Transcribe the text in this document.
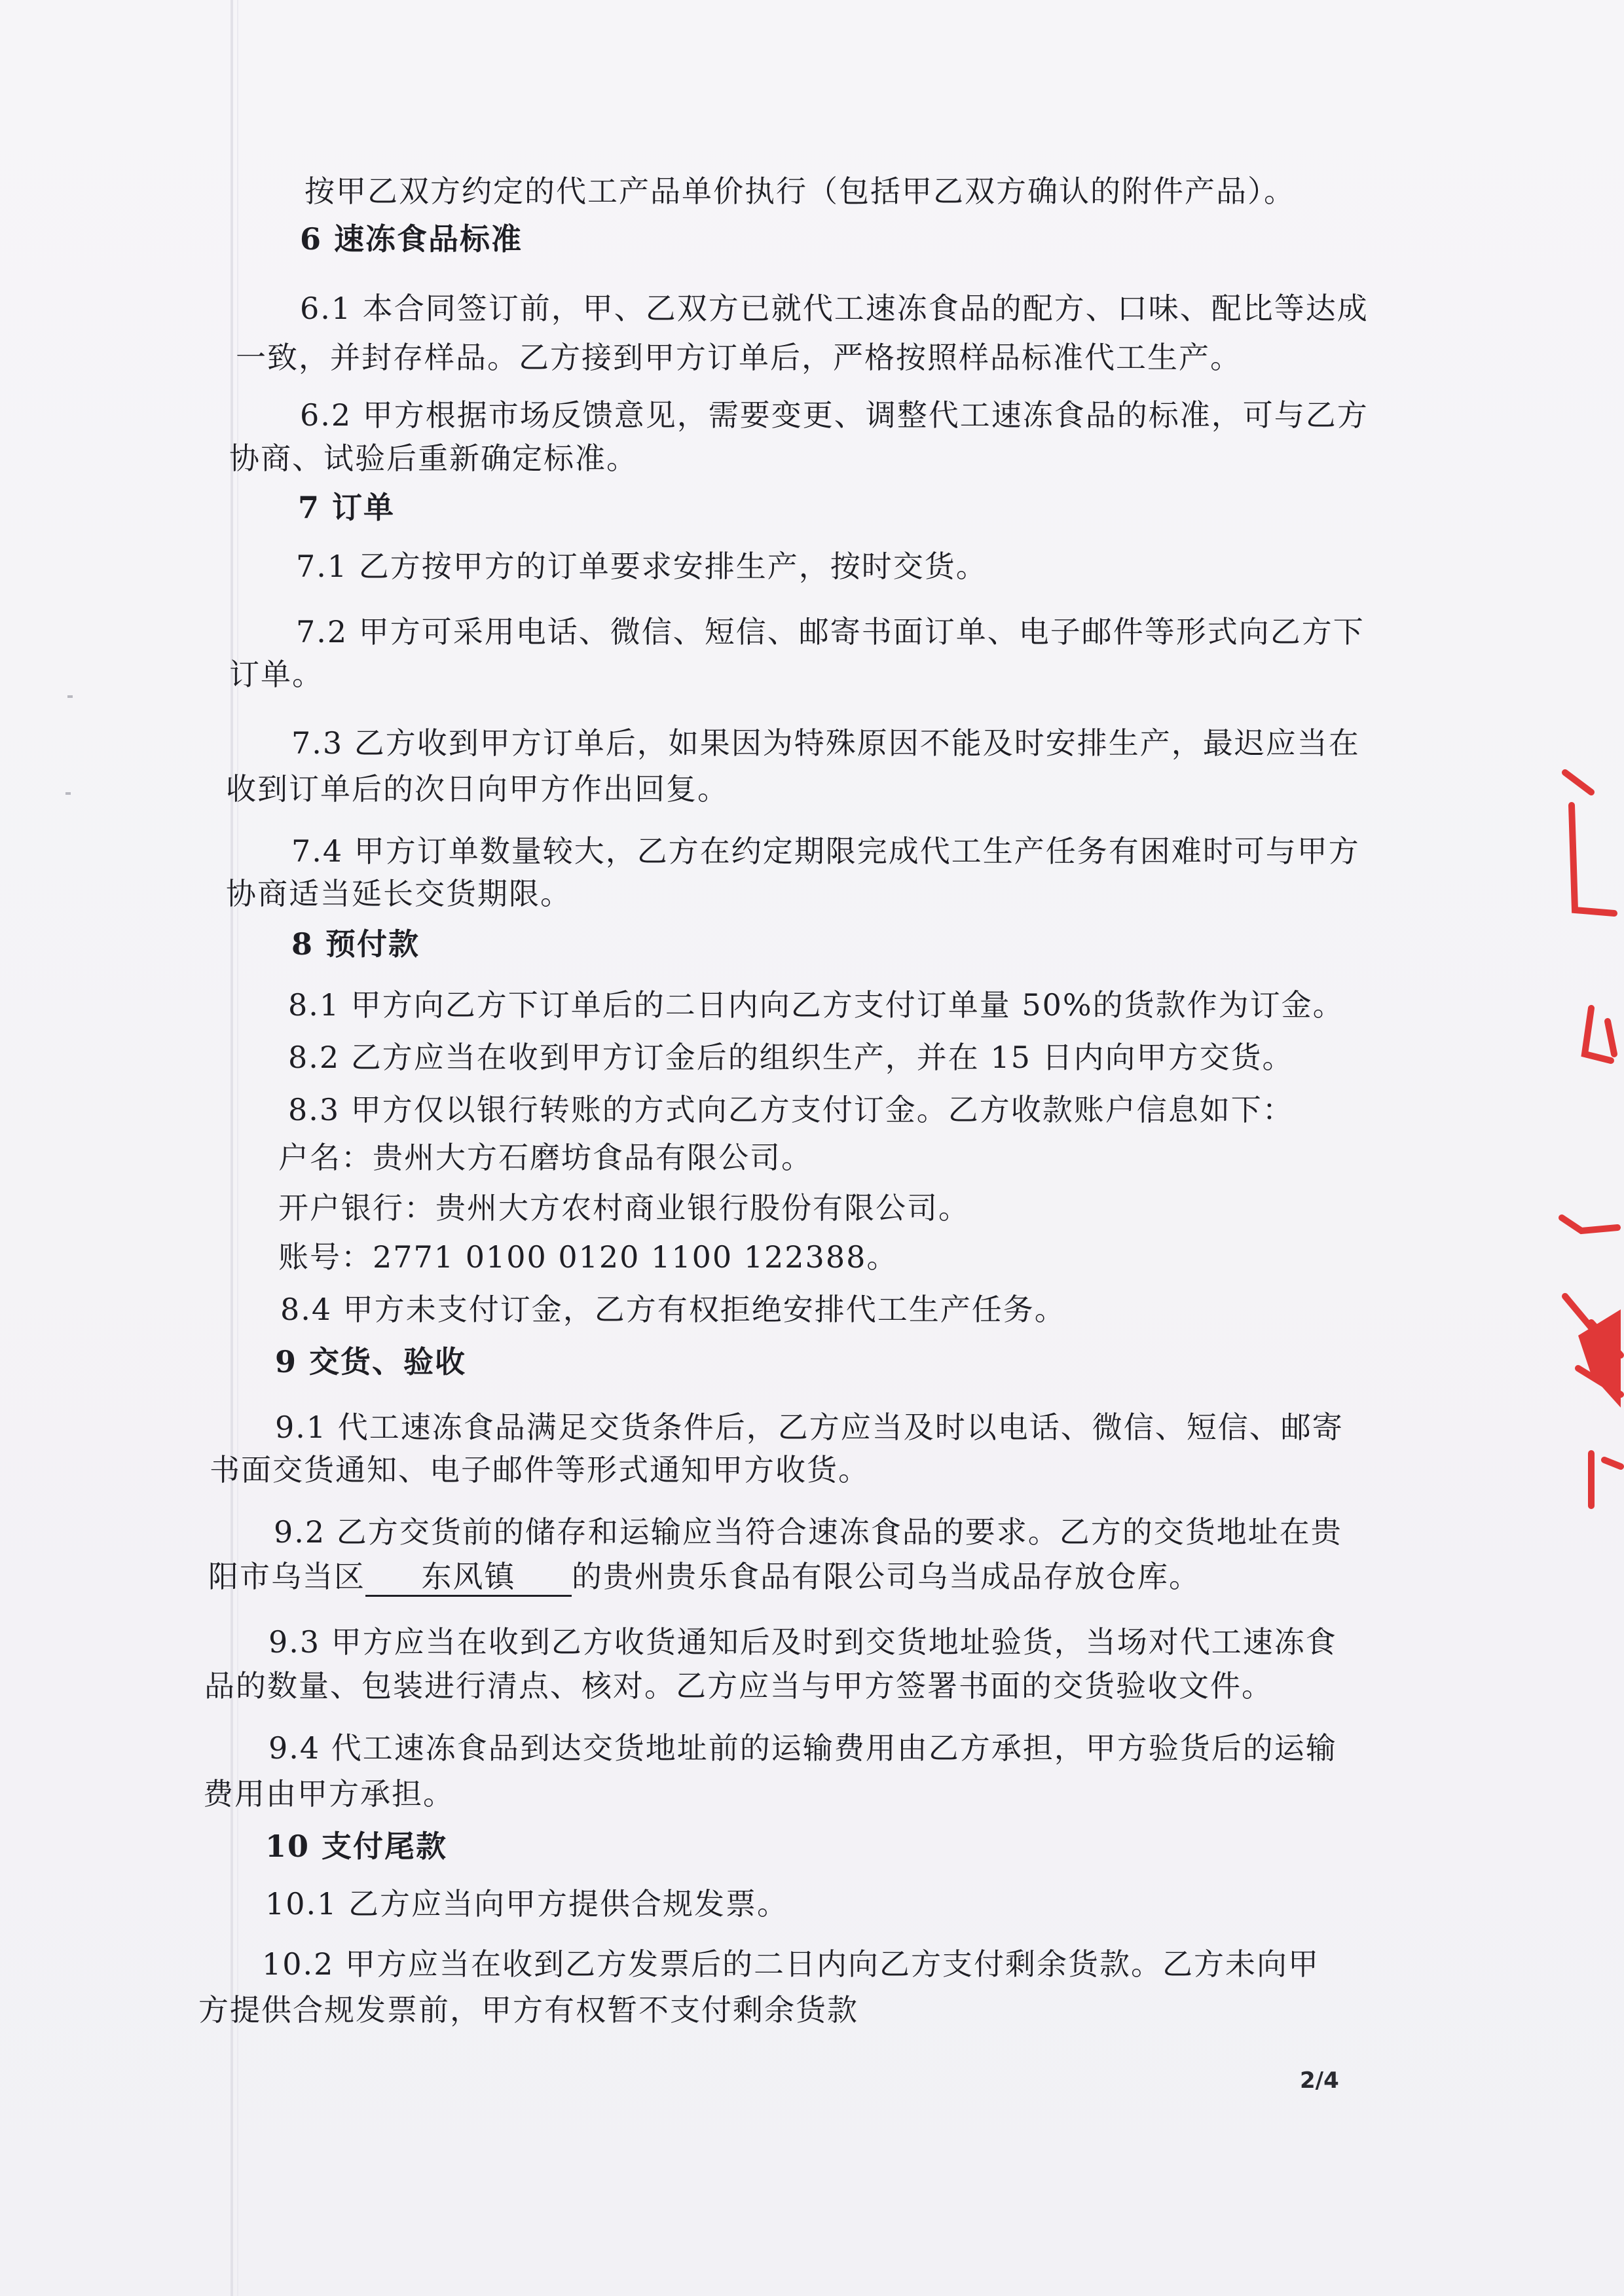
按甲乙双方约定的代工产品单价执行（包括甲乙双方确认的附件产品）。
6 速冻食品标准
6.1 本合同签订前，甲、乙双方已就代工速冻食品的配方、口味、配比等达成
一致，并封存样品。乙方接到甲方订单后，严格按照样品标准代工生产。
6.2 甲方根据市场反馈意见，需要变更、调整代工速冻食品的标准，可与乙方
协商、试验后重新确定标准。
7 订单
7.1 乙方按甲方的订单要求安排生产，按时交货。
7.2 甲方可采用电话、微信、短信、邮寄书面订单、电子邮件等形式向乙方下
订单。
7.3 乙方收到甲方订单后，如果因为特殊原因不能及时安排生产，最迟应当在
收到订单后的次日向甲方作出回复。
7.4 甲方订单数量较大，乙方在约定期限完成代工生产任务有困难时可与甲方
协商适当延长交货期限。
8 预付款
8.1 甲方向乙方下订单后的二日内向乙方支付订单量 50%的货款作为订金。
8.2 乙方应当在收到甲方订金后的组织生产，并在 15 日内向甲方交货。
8.3 甲方仅以银行转账的方式向乙方支付订金。乙方收款账户信息如下：
户名：贵州大方石磨坊食品有限公司。
开户银行：贵州大方农村商业银行股份有限公司。
账号：2771 0100 0120 1100 122388。
8.4 甲方未支付订金，乙方有权拒绝安排代工生产任务。
9 交货、验收
9.1 代工速冻食品满足交货条件后，乙方应当及时以电话、微信、短信、邮寄
书面交货通知、电子邮件等形式通知甲方收货。
9.2 乙方交货前的储存和运输应当符合速冻食品的要求。乙方的交货地址在贵
阳市乌当区 东风镇 的贵州贵乐食品有限公司乌当成品存放仓库。
9.3 甲方应当在收到乙方收货通知后及时到交货地址验货，当场对代工速冻食
品的数量、包装进行清点、核对。乙方应当与甲方签署书面的交货验收文件。
9.4 代工速冻食品到达交货地址前的运输费用由乙方承担，甲方验货后的运输
费用由甲方承担。
10 支付尾款
10.1 乙方应当向甲方提供合规发票。
10.2 甲方应当在收到乙方发票后的二日内向乙方支付剩余货款。乙方未向甲
方提供合规发票前，甲方有权暂不支付剩余货款
2/4
